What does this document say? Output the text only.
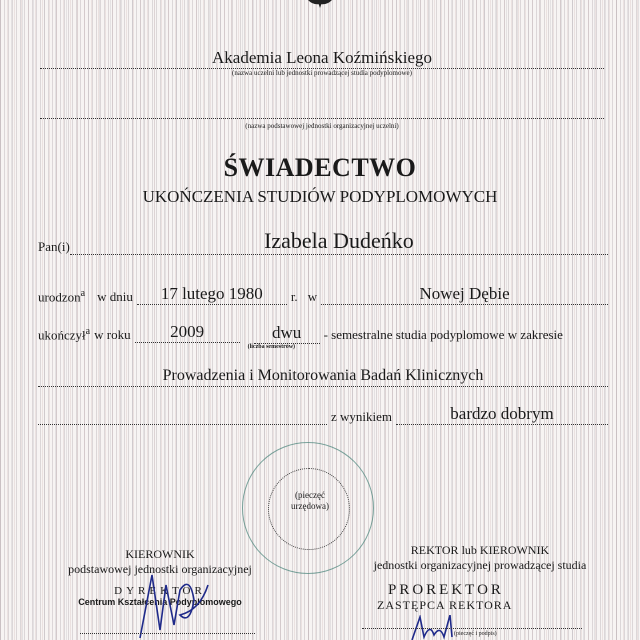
Akademia Leona Koźmińskiego
(nazwa uczelni lub jednostki prowadzącej studia podyplomowe)
(nazwa podstawowej jednostki organizacyjnej uczelni)
ŚWIADECTWO
UKOŃCZENIA STUDIÓW PODYPLOMOWYCH
Pan(i)	Izabela Dudeńko
urodzon$^a$ w dniu	17 lutego 1980	r. w	Nowej Dębie
ukończył$^a$ w roku	2009	dwu
(liczba semestrów)
- semestralne studia podyplomowe w zakresie
Prowadzenia i Monitorowania Badań Klinicznych
z wynikiem	bardzo dobrym
(pieczęć
urzędowa)
KIEROWNIK
podstawowej jednostki organizacyjnej
DYREKTOR
Centrum Kształcenia Podyplomowego
REKTOR lub KIEROWNIK
jednostki organizacyjnej prowadzącej studia
PROREKTOR
ZASTĘPCA REKTORA
(pieczęć i podpis)
